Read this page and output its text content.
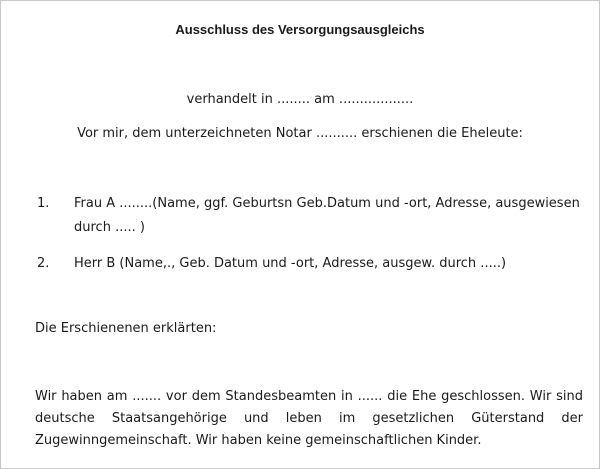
Ausschluss des Versorgungsausgleichs
verhandelt in ........ am ..................
Vor mir, dem unterzeichneten Notar .......... erschienen die Eheleute:
1. Frau A ........(Name, ggf. Geburtsn Geb.Datum und -ort, Adresse, ausgewiesen
durch ..... )
2. Herr B (Name,., Geb. Datum und -ort, Adresse, ausgew. durch .....)
Die Erschienenen erklärten:
Wir haben am ....... vor dem Standesbeamten in ...... die Ehe geschlossen. Wir sind
deutsche Staatsangehörige und leben im gesetzlichen Güterstand der
Zugewinngemeinschaft. Wir haben keine gemeinschaftlichen Kinder.
